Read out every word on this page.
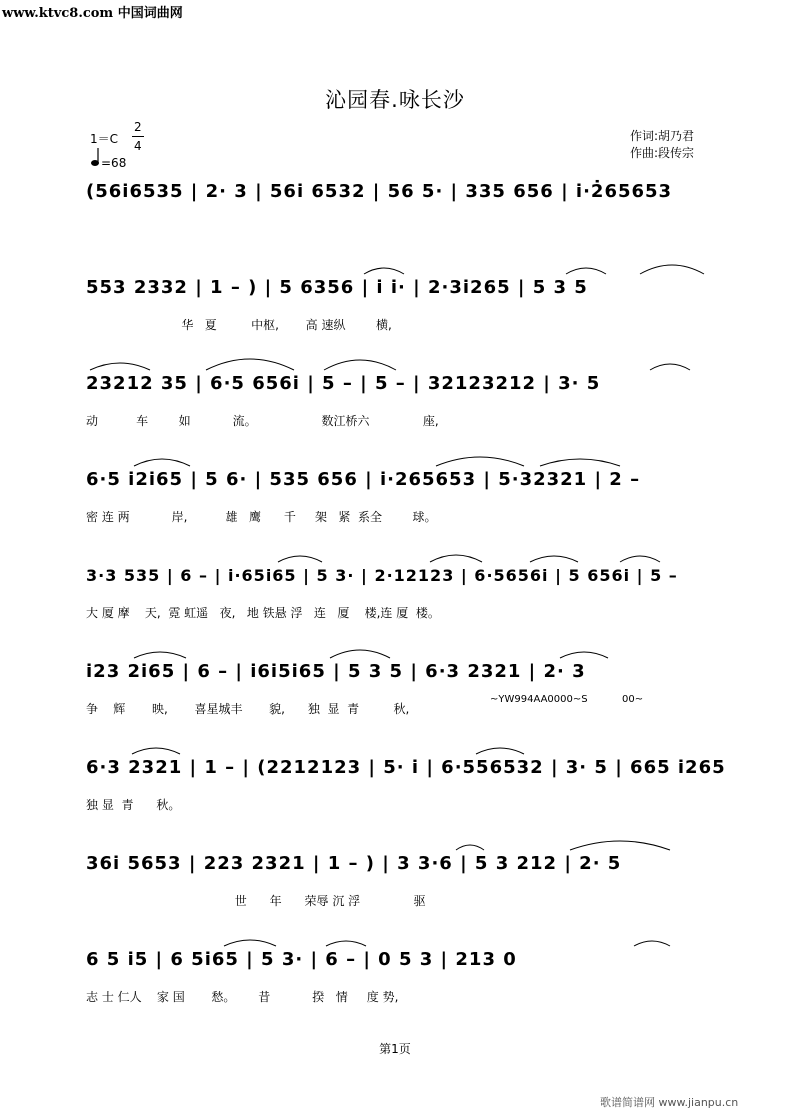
www.ktvc8.com 中国词曲网
沁园春.咏长沙
1＝C
2
4
=68
作词:胡乃君
作曲:段传宗
(56i6535 | 2· 3 | 56i 6532 | 56 5· | 335 656 | i·2̇65653
553 2332 | 1 – ) | 5 6356 | i i· | 2·3i265 | 5 3 5
华   夏         中枢,       高 速纵        横,
23212 35 | 6·5 656i | 5 – | 5 – | 32123212 | 3· 5
动          车        如           流。                 数江桥六              座,
6·5 i2i65 | 5 6· | 535 656 | i·265653 | 5·32321 | 2 –
密 连 两           岸,          雄   鹰      千     架   紧  系全        球。
3·3 535 | 6 – | i·65i65 | 5 3· | 2·12123 | 6·5656i | 5 656i | 5 –
大 厦 摩    天,  霓 虹遥   夜,   地 铁悬 浮   连   厦    楼,连 厦  楼。
i23 2i65 | 6 – | i6i5i65 | 5 3 5 | 6·3 2321 | 2· 3
~YW994AA0000~S	00~
争    辉       映,       喜星城丰       貌,      独  显  青         秋,
6·3 2321 | 1 – | (2212123 | 5· i | 6·556532 | 3· 5 | 665 i265
独 显  青      秋。
36i 5653 | 223 2321 | 1 – ) | 3 3·6 | 5 3 212 | 2· 5
世      年      荣辱 沉 浮              驱
6 5 i5 | 6 5i65 | 5 3· | 6 – | 0 5 3 | 213 0
志 士 仁人    家 国       愁。      昔           揆   情     度 势,
第1页
歌谱简谱网 www.jianpu.cn
